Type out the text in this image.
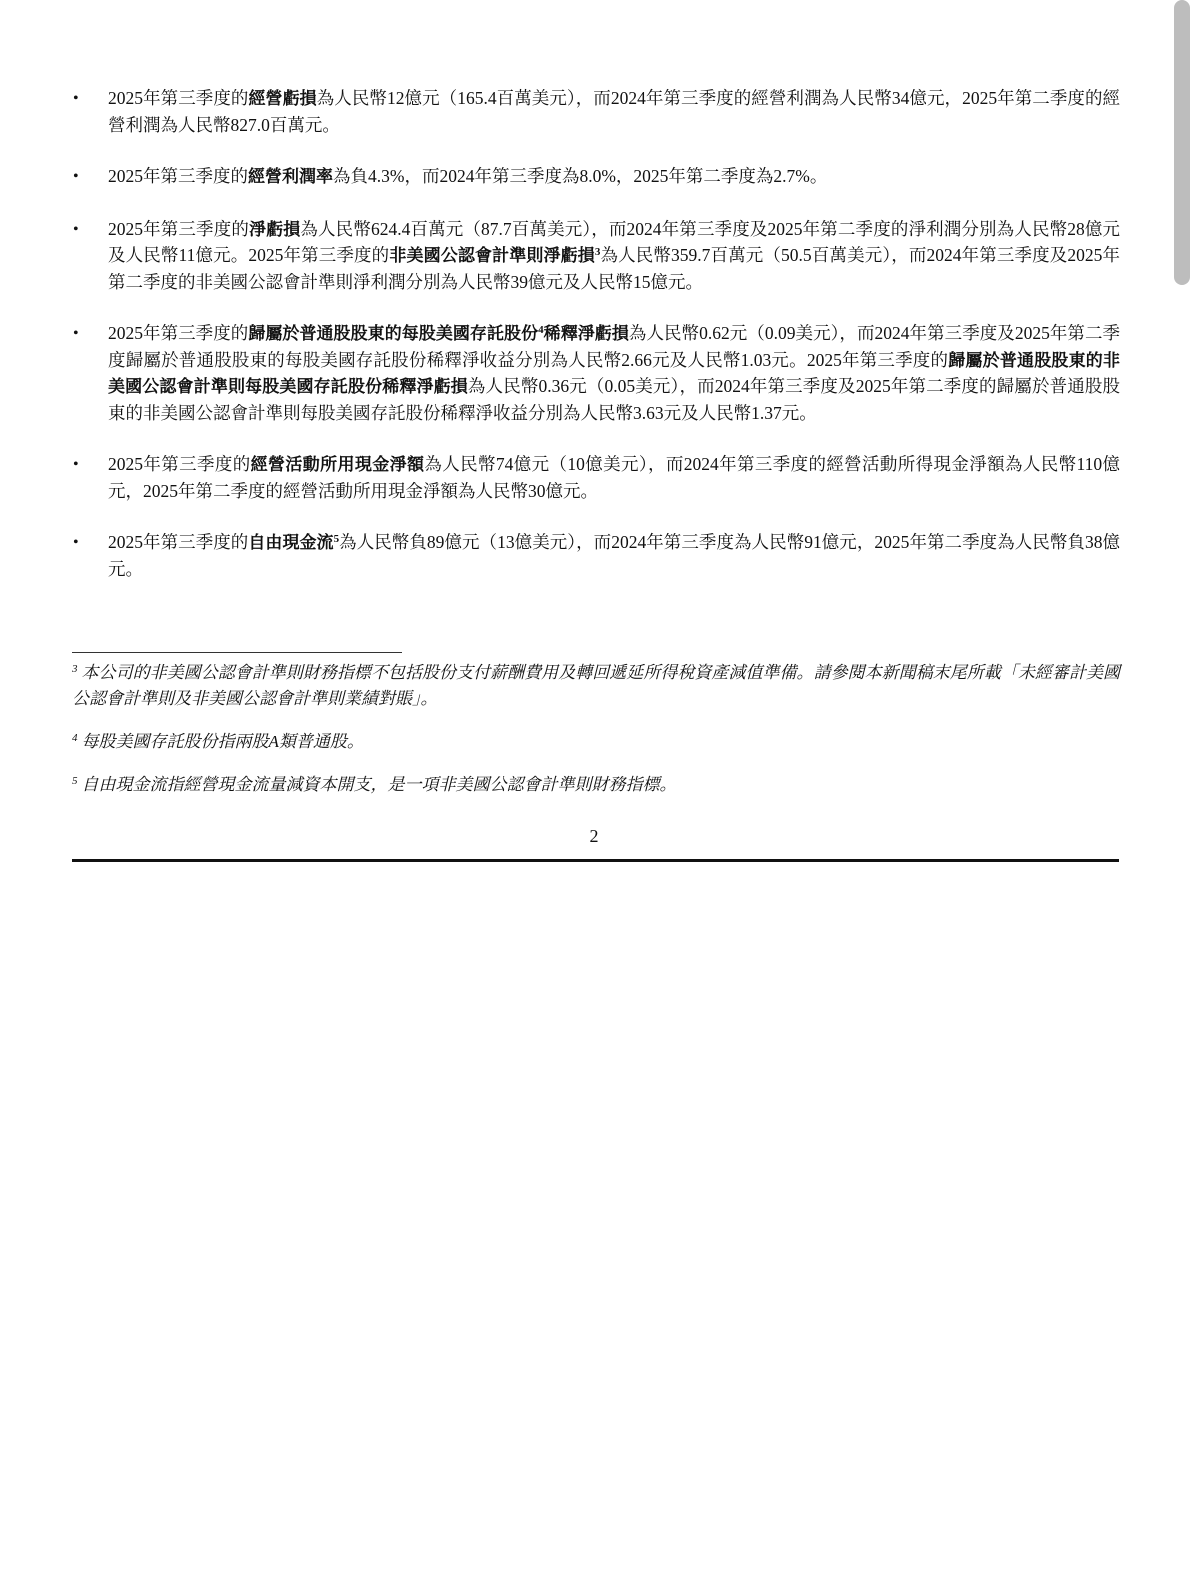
• 2025年第三季度的經營虧損為人民幣12億元（165.4百萬美元），而2024年第三季度的經營利潤為人民幣34億元，2025年第二季度的經營利潤為人民幣827.0百萬元。
• 2025年第三季度的經營利潤率為負4.3%，而2024年第三季度為8.0%，2025年第二季度為2.7%。
• 2025年第三季度的淨虧損為人民幣624.4百萬元（87.7百萬美元），而2024年第三季度及2025年第二季度的淨利潤分別為人民幣28億元及人民幣11億元。2025年第三季度的非美國公認會計準則淨虧損$^3$為人民幣359.7百萬元（50.5百萬美元），而2024年第三季度及2025年第二季度的非美國公認會計準則淨利潤分別為人民幣39億元及人民幣15億元。
• 2025年第三季度的歸屬於普通股股東的每股美國存託股份$^4$稀釋淨虧損為人民幣0.62元（0.09美元），而2024年第三季度及2025年第二季度歸屬於普通股股東的每股美國存託股份稀釋淨收益分別為人民幣2.66元及人民幣1.03元。2025年第三季度的歸屬於普通股股東的非美國公認會計準則每股美國存託股份稀釋淨虧損為人民幣0.36元（0.05美元），而2024年第三季度及2025年第二季度的歸屬於普通股股東的非美國公認會計準則每股美國存託股份稀釋淨收益分別為人民幣3.63元及人民幣1.37元。
• 2025年第三季度的經營活動所用現金淨額為人民幣74億元（10億美元），而2024年第三季度的經營活動所得現金淨額為人民幣110億元，2025年第二季度的經營活動所用現金淨額為人民幣30億元。
• 2025年第三季度的自由現金流$^5$為人民幣負89億元（13億美元），而2024年第三季度為人民幣91億元，2025年第二季度為人民幣負38億元。

$^3$ 本公司的非美國公認會計準則財務指標不包括股份支付薪酬費用及轉回遞延所得稅資產減值準備。請參閱本新聞稿末尾所載「未經審計美國公認會計準則及非美國公認會計準則業績對賬」。

$^4$ 每股美國存託股份指兩股A類普通股。

$^5$ 自由現金流指經營現金流量減資本開支，是一項非美國公認會計準則財務指標。

2
